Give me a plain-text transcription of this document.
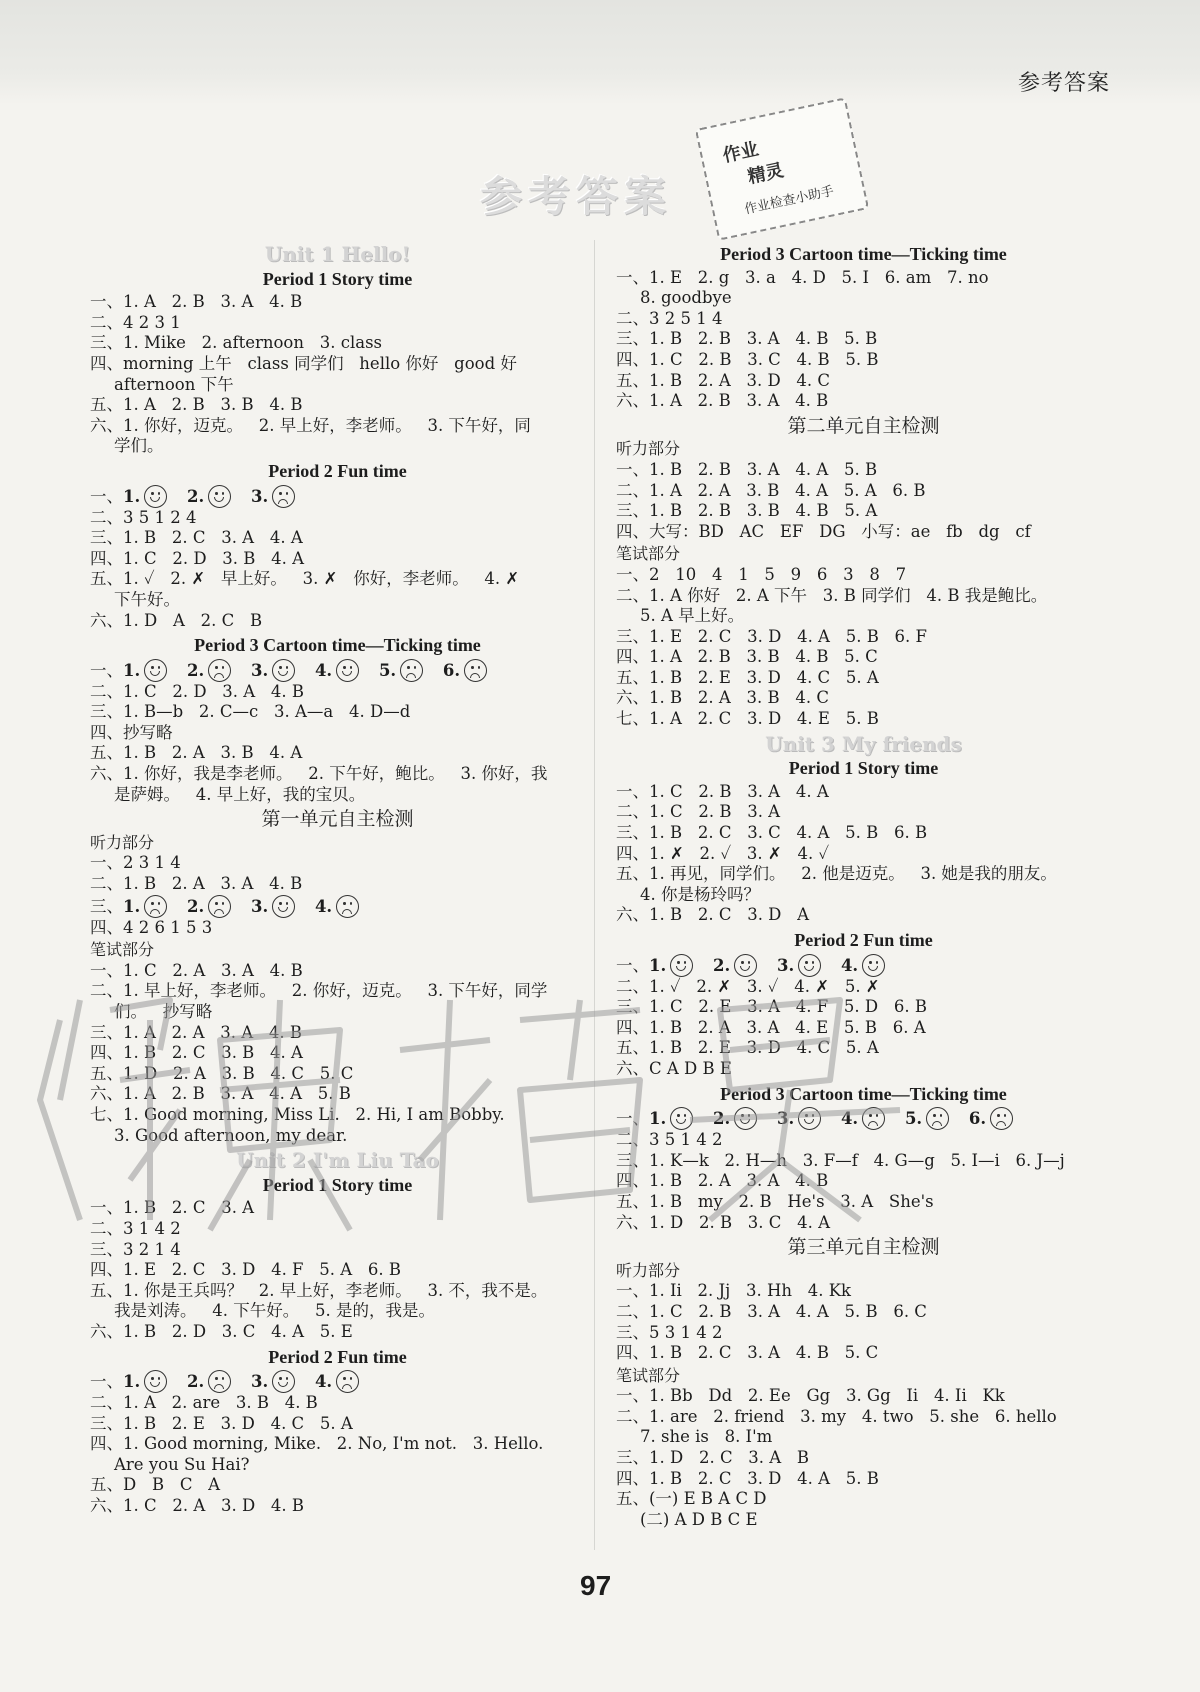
参考答案
参考答案
作业
精灵
作业检查小助手
Unit 1 Hello!
Period 1 Story time
一、1. A   2. B   3. A   4. B
二、4 2 3 1
三、1. Mike   2. afternoon   3. class
四、morning 上午   class 同学们   hello 你好   good 好
afternoon 下午
五、1. A   2. B   3. B   4. B
六、1. 你好，迈克。   2. 早上好，李老师。   3. 下午好，同
学们。
Period 2 Fun time
一、1.	2.	3.

二、3 5 1 2 4
三、1. B   2. C   3. A   4. A
四、1. C   2. D   3. B   4. A
五、1. ✓   2. ✗   早上好。   3. ✗   你好，李老师。   4. ✗
下午好。
六、1. D   A   2. C   B
Period 3 Cartoon time—Ticking time
一、1.	2.	3.	4.	5.	6.

二、1. C   2. D   3. A   4. B
三、1. B—b   2. C—c   3. A—a   4. D—d
四、抄写略
五、1. B   2. A   3. B   4. A
六、1. 你好，我是李老师。   2. 下午好，鲍比。   3. 你好，我
是萨姆。   4. 早上好，我的宝贝。
第一单元自主检测
听力部分
一、2 3 1 4
二、1. B   2. A   3. A   4. B
三、1.	2.	3.	4.

四、4 2 6 1 5 3
笔试部分
一、1. C   2. A   3. A   4. B
二、1. 早上好，李老师。   2. 你好，迈克。   3. 下午好，同学
们。   抄写略
三、1. A   2. A   3. A   4. B
四、1. B   2. C   3. B   4. A
五、1. D   2. A   3. B   4. C   5. C
六、1. A   2. B   3. A   4. A   5. B
七、1. Good morning, Miss Li.   2. Hi, I am Bobby.
3. Good afternoon, my dear.
Unit 2 I'm Liu Tao
Period 1 Story time
一、1. B   2. C   3. A
二、3 1 4 2
三、3 2 1 4
四、1. E   2. C   3. D   4. F   5. A   6. B
五、1. 你是王兵吗？   2. 早上好，李老师。   3. 不，我不是。
我是刘涛。   4. 下午好。   5. 是的，我是。
六、1. B   2. D   3. C   4. A   5. E
Period 2 Fun time
一、1.	2.	3.	4.

二、1. A   2. are   3. B   4. B
三、1. B   2. E   3. D   4. C   5. A
四、1. Good morning, Mike.   2. No, I'm not.   3. Hello.
Are you Su Hai?
五、D   B   C   A
六、1. C   2. A   3. D   4. B
Period 3 Cartoon time—Ticking time
一、1. E   2. g   3. a   4. D   5. I   6. am   7. no
8. goodbye
二、3 2 5 1 4
三、1. B   2. B   3. A   4. B   5. B
四、1. C   2. B   3. C   4. B   5. B
五、1. B   2. A   3. D   4. C
六、1. A   2. B   3. A   4. B
第二单元自主检测
听力部分
一、1. B   2. B   3. A   4. A   5. B
二、1. A   2. A   3. B   4. A   5. A   6. B
三、1. B   2. B   3. B   4. B   5. A
四、大写：BD   AC   EF   DG   小写：ae   fb   dg   cf
笔试部分
一、2   10   4   1   5   9   6   3   8   7
二、1. A 你好   2. A 下午   3. B 同学们   4. B 我是鲍比。
5. A 早上好。
三、1. E   2. C   3. D   4. A   5. B   6. F
四、1. A   2. B   3. B   4. B   5. C
五、1. B   2. E   3. D   4. C   5. A
六、1. B   2. A   3. B   4. C
七、1. A   2. C   3. D   4. E   5. B
Unit 3 My friends
Period 1 Story time
一、1. C   2. B   3. A   4. A
二、1. C   2. B   3. A
三、1. B   2. C   3. C   4. A   5. B   6. B
四、1. ✗   2. ✓   3. ✗   4. ✓
五、1. 再见，同学们。   2. 他是迈克。   3. 她是我的朋友。
4. 你是杨玲吗？
六、1. B   2. C   3. D   A
Period 2 Fun time
一、1.	2.	3.	4.

二、1. ✓   2. ✗   3. ✓   4. ✗   5. ✗
三、1. C   2. E   3. A   4. F   5. D   6. B
四、1. B   2. A   3. A   4. E   5. B   6. A
五、1. B   2. E   3. D   4. C   5. A
六、C A D B E
Period 3 Cartoon time—Ticking time
一、1.	2.	3.	4.	5.	6.

二、3 5 1 4 2
三、1. K—k   2. H—h   3. F—f   4. G—g   5. I—i   6. J—j
四、1. B   2. A   3. A   4. B
五、1. B   my   2. B   He's   3. A   She's
六、1. D   2. B   3. C   4. A
第三单元自主检测
听力部分
一、1. Ii   2. Jj   3. Hh   4. Kk
二、1. C   2. B   3. A   4. A   5. B   6. C
三、5 3 1 4 2
四、1. B   2. C   3. A   4. B   5. C
笔试部分
一、1. Bb   Dd   2. Ee   Gg   3. Gg   Ii   4. Ii   Kk
二、1. are   2. friend   3. my   4. two   5. she   6. hello
7. she is   8. I'm
三、1. D   2. C   3. A   B
四、1. B   2. C   3. D   4. A   5. B
五、(一) E B A C D
(二) A D B C E
97
